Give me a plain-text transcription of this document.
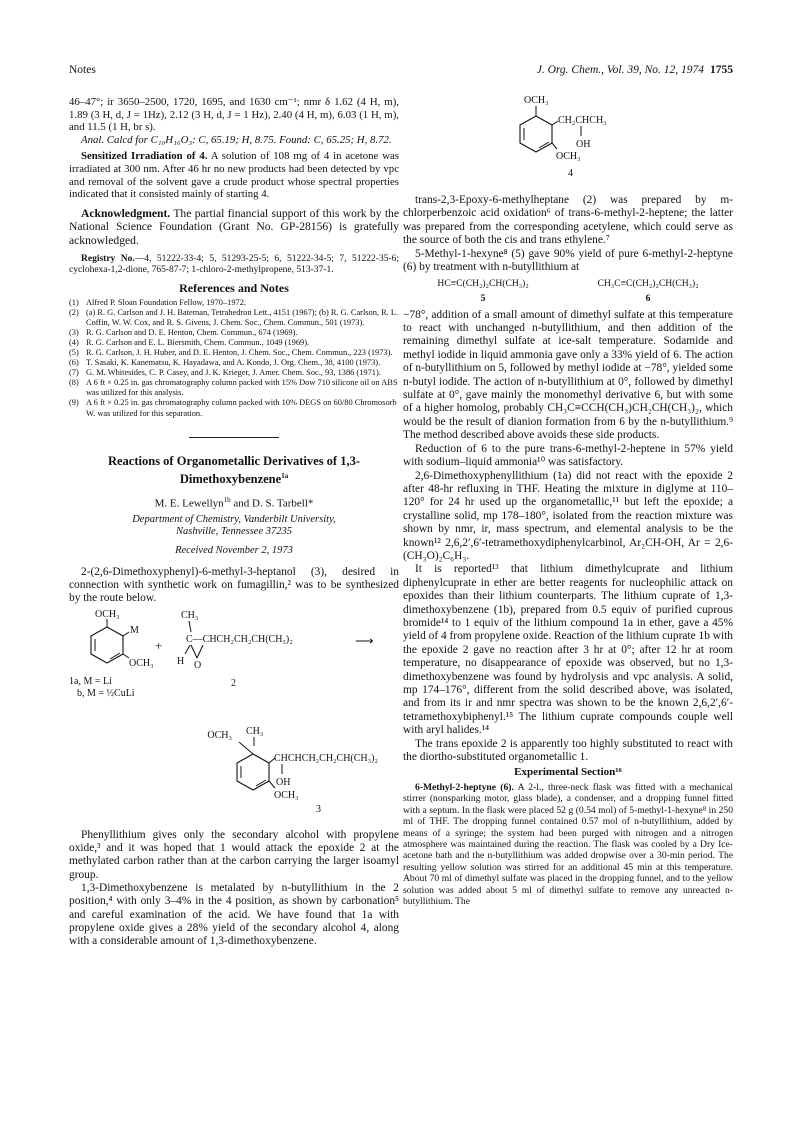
Notes	J. Org. Chem., Vol. 39, No. 12, 1974 1755

46–47°; ir 3650–2500, 1720, 1695, and 1630 cm⁻¹; nmr δ 1.62 (4 H, m), 1.89 (3 H, d, J = 1Hz), 2.12 (3 H, d, J = 1 Hz), 2.40 (4 H, m), 6.03 (1 H, m), and 11.5 (1 H, br s).

Anal. Calcd for C₁₀H₁₆O₃: C, 65.19; H, 8.75. Found: C, 65.25; H, 8.72.

Sensitized Irradiation of 4. A solution of 108 mg of 4 in acetone was irradiated at 300 nm. After 46 hr no new products had been detected by vpc and removal of the solvent gave a crude product whose spectral properties indicated that it consisted mainly of starting 4.

Acknowledgment. The partial financial support of this work by the National Science Foundation (Grant No. GP-28156) is gratefully acknowledged.

Registry No.—4, 51222-33-4; 5, 51293-25-5; 6, 51222-34-5; 7, 51222-35-6; cyclohexa-1,2-dione, 765-87-7; 1-chloro-2-methylpropene, 513-37-1.

References and Notes
(1) Alfred P. Sloan Foundation Fellow, 1970–1972.
(2) (a) R. G. Carlson and J. H. Bateman, Tetrahedron Lett., 4151 (1967); (b) R. G. Carlson, R. L. Coffin, W. W. Cox, and R. S. Givens, J. Chem. Soc., Chem. Commun., 501 (1973).
(3) R. G. Carlson and D. E. Henton, Chem. Commun., 674 (1969).
(4) R. G. Carlson and E. L. Biersmith, Chem. Commun., 1049 (1969).
(5) R. G. Carlson, J. H. Huber, and D. E. Henton, J. Chem. Soc., Chem. Commun., 223 (1973).
(6) T. Sasaki, K. Kanematsu, K. Hayadawa, and A. Kondo, J. Org. Chem., 38, 4100 (1973).
(7) G. M. Whitesides, C. P. Casey, and J. K. Krieger, J. Amer. Chem. Soc., 93, 1386 (1971).
(8) A 6 ft × 0.25 in. gas chromatography column packed with 15% Dow 710 silicone oil on ABS was utilized for this analysis.
(9) A 6 ft × 0.25 in. gas chromatography column packed with 10% DEGS on 60/80 Chromosorb W. was utilized for this separation.
Reactions of Organometallic Derivatives of 1,3-Dimethoxybenzene$^{1a}$
M. E. Lewellyn$^{1b}$ and D. S. Tarbell*
Department of Chemistry, Vanderbilt University,
Nashville, Tennessee 37235
Received November 2, 1973

2-(2,6-Dimethoxyphenyl)-6-methyl-3-heptanol (3), desired in connection with synthetic work on fumagillin,² was to be synthesized by the route below.

OCH₃
M
OCH₃
1a, M = Li
b, M = ½CuLi
+
CH₃
C—CHCH₂CH₂CH(CH₃)₂
H O
2
⟶
CH₃
OCH₃
CHCHCH₂CH₂CH(CH₃)₂
OH
OCH₃
3

Phenyllithium gives only the secondary alcohol with propylene oxide,³ and it was hoped that 1 would attack the epoxide 2 at the methylated carbon rather than at the carbon carrying the larger isoamyl group.

1,3-Dimethoxybenzene is metalated by n-butyllithium in the 2 position,⁴ with only 3–4% in the 4 position, as shown by carbonation⁵ and careful examination of the acid. We have found that 1a with propylene oxide gives a 28% yield of the secondary alcohol 4, along with a considerable amount of 1,3-dimethoxybenzene.

OCH₃
CH₂CHCH₃
OH
OCH₃
4

trans-2,3-Epoxy-6-methylheptane (2) was prepared by m-chlorperbenzoic acid oxidation⁶ of trans-6-methyl-2-heptene; the latter was prepared from the corresponding acetylene, which could serve as the source of both the cis and trans ethylene.⁷

5-Methyl-1-hexyne⁸ (5) gave 90% yield of pure 6-methyl-2-heptyne (6) by treatment with n-butyllithium at

HC≡C(CH₂)₂CH(CH₃)₂
5
CH₃C≡C(CH₂)₂CH(CH₃)₂
6

−78°, addition of a small amount of dimethyl sulfate at this temperature to react with unchanged n-butyllithium, and then addition of the remaining dimethyl sulfate at ice-salt temperature. Sodamide and methyl iodide in liquid ammonia gave only a 33% yield of 6. The action of n-butyllithium on 5, followed by methyl iodide at −78°, yielded some n-butyl iodide. The action of n-butyllithium at 0°, followed by dimethyl sulfate at 0°, gave mainly the monomethyl derivative 6, but with some of a higher homolog, probably CH₃C≡CCH(CH₃)CH₂CH(CH₃)₂, which would be the result of dianion formation from 6 by the n-butyllithium.⁹ The method described above avoids these side products.

Reduction of 6 to the pure trans-6-methyl-2-heptene in 57% yield with sodium–liquid ammonia¹⁰ was satisfactory.

2,6-Dimethoxyphenyllithium (1a) did not react with the epoxide 2 after 48-hr refluxing in THF. Heating the mixture in diglyme at 110–120° for 24 hr used up the organometallic,¹¹ but left the epoxide; a crystalline solid, mp 178–180°, isolated from the reaction mixture was shown by nmr, ir, mass spectrum, and elemental analysis to be the known¹² 2,6,2′,6′-tetramethoxydiphenylcarbinol, Ar₂CH-OH, Ar = 2,6-(CH₃O)₂C₆H₃.

It is reported¹³ that lithium dimethylcuprate and lithium diphenylcuprate in ether are better reagents for nucleophilic attack on epoxides than their lithium counterparts. The lithium cuprate of 1,3-dimethoxybenzene (1b), prepared from 0.5 equiv of purified cuprous bromide¹⁴ to 1 equiv of the lithium compound 1a in ether, gave a 45% yield of 4 from propylene oxide. Reaction of the lithium cuprate 1b with the epoxide 2 gave no reaction after 3 hr at 0°; after 12 hr at room temperature, no disappearance of epoxide was observed, but no 1,3-dimethoxybenzene was found by hydrolysis and vpc analysis. A solid, mp 174–176°, different from the solid described above, was isolated, and from its ir and nmr spectra was shown to be the known 2,6,2′,6′-tetramethoxybiphenyl.¹⁵ The lithium cuprate compounds couple well with aryl halides.¹⁴

The trans epoxide 2 is apparently too highly substituted to react with the diortho-substituted organometallic 1.

Experimental Section¹⁶

6-Methyl-2-heptyne (6). A 2-l., three-neck flask was fitted with a mechanical stirrer (nonsparking motor, glass blade), a condenser, and a dropping funnel fitted with a septum. In the flask were placed 52 g (0.54 mol) of 5-methyl-1-hexyne⁸ in 250 ml of THF. The dropping funnel contained 0.57 mol of n-butyllithium, added by means of a syringe; the system had been purged with nitrogen and a nitrogen atmosphere was maintained during the reaction. The flask was cooled by a Dry Ice-acetone bath and the n-butyllithium was added dropwise over a 30-min period. The resulting yellow solution was stirred for an additional 45 min at this temperature. About 70 ml of dimethyl sulfate was placed in the dropping funnel, and to the yellow solution was added about 5 ml of dimethyl sulfate to remove any unreacted n-butyllithium. The
